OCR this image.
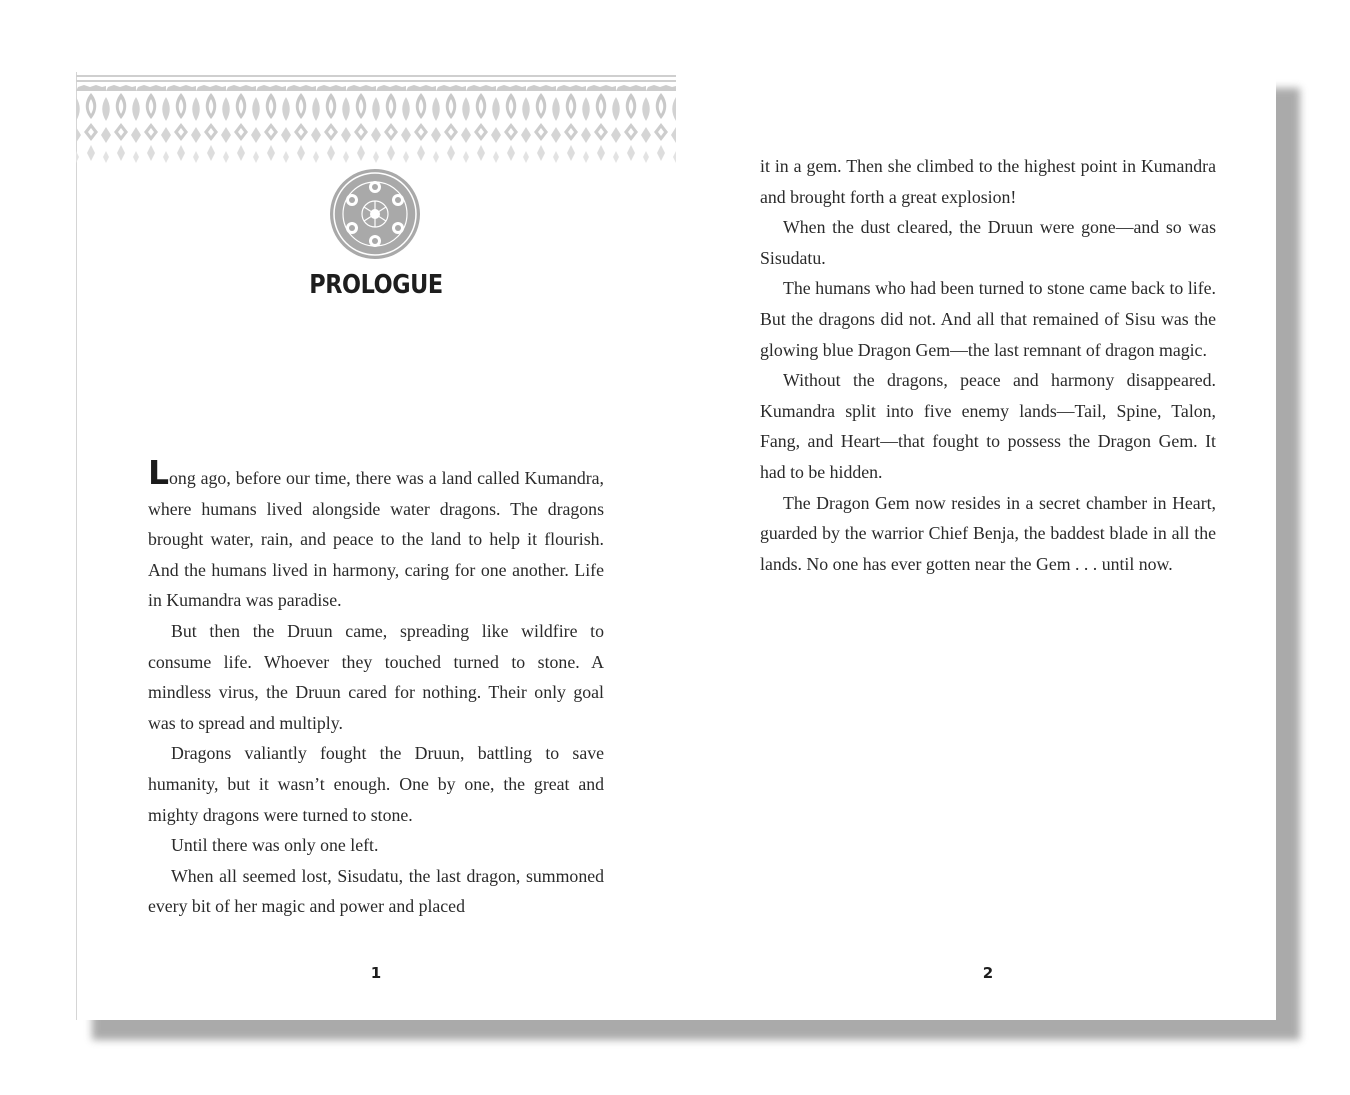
PROLOGUE

Long ago, before our time, there was a land called Kumandra, where humans lived alongside water dragons. The dragons brought water, rain, and peace to the land to help it flourish. And the humans lived in harmony, caring for one another. Life in Kumandra was paradise.

But then the Druun came, spreading like wildfire to consume life. Whoever they touched turned to stone. A mindless virus, the Druun cared for nothing. Their only goal was to spread and multiply.

Dragons valiantly fought the Druun, battling to save humanity, but it wasn’t enough. One by one, the great and mighty dragons were turned to stone.

Until there was only one left.

When all seemed lost, Sisudatu, the last dragon, summoned every bit of her magic and power and placed

1

it in a gem. Then she climbed to the highest point in Kumandra and brought forth a great explosion!

When the dust cleared, the Druun were gone—and so was Sisudatu.

The humans who had been turned to stone came back to life. But the dragons did not. And all that remained of Sisu was the glowing blue Dragon Gem—the last remnant of dragon magic.

Without the dragons, peace and harmony disappeared. Kumandra split into five enemy lands—Tail, Spine, Talon, Fang, and Heart—that fought to possess the Dragon Gem. It had to be hidden.

The Dragon Gem now resides in a secret chamber in Heart, guarded by the warrior Chief Benja, the baddest blade in all the lands. No one has ever gotten near the Gem . . . until now.

2
